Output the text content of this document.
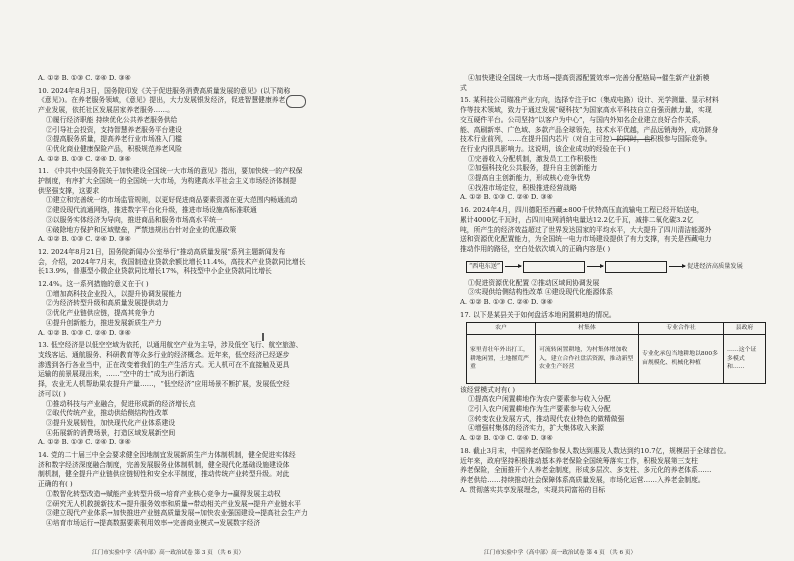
A. ①② B. ①③ C. ②④ D. ③④
10. 2024年8月3日，国务院印发《关于促进服务消费高质量发展的意见》(以下简称
《意见》)。在养老服务领域，《意见》提出，大力发展银发经济，促进智慧健康养老
产业发展，依托社区发展居家养老服务……。
①履行经济职能 持续优化公共养老服务供给
②引导社会投资，支持智慧养老服务平台建设
③提高服务质量，提高养老行业市场准入门槛
④优化商业健康保险产品，积极规范养老风险
A. ①② B. ①③ C. ②④ D. ③④
11. 《中共中央国务院关于加快建设全国统一大市场的意见》指出，要加快统一的产权保
护制度，有序扩大全国统一的全国统一大市场，为构建高水平社会主义市场经济体制提
供坚强支撑，这要求
①建立和完善统一的市场监管规则，以更好促进商品要素资源在更大范围内畅通流动
②建设现代流通网络，推进数字平台化升级，推进市场设施高标准联通
③以服务实体经济为导向，推进商品和服务市场高水平统一
④破除地方保护和区域壁垒，严禁违规出台针对企业的优惠政策
A. ①② B. ①③ C. ②④ D. ③④
12. 2024年8月21日，国务院新闻办公室举行“推动高质量发展”系列主题新闻发布
会，介绍，2024年7月末，我国制造业贷款余额比增长11.4%，高技术产业贷款同比增长
长13.9%，普惠型小微企业贷款同比增长17%，科技型中小企业贷款同比增长
12.4%。这一系列措施的意义在于( )
①增加高科技企业投入，以提升协调发展能力
②为经济转型升级和高质量发展提供动力
③优化产业链供应链，提高其竞争力
④提升创新能力，推进发展新质生产力
A. ①② B. ①③ C. ②④ D. ③④
13. 低空经济是以低空空域为依托，以通用航空产业为主导，涉及低空飞行、航空旅游、
支线客运、通航服务、科研教育等众多行业的经济概念。近年来，低空经济已经逐步
渗透到各行各业当中，正在改变着我们的生产生活方式。无人机可在不直接触及更具
运输的前景展现出来，……“空中的士”成为出行新选
择，农业无人机帮助果农提升产量……，“低空经济”应用场景不断扩展，发展低空经
济可以( )
①推动科技与产业融合，促进形成新的经济增长点
②取代传统产业，推动供给侧结构性改革
③提升发展韧性，加快现代化产业体系建设
④拓展新的消费场景，打造区域发展新空间
A. ①② B. ①③ C. ②④ D. ③④
14. 党的二十届三中全会要求健全因地制宜发展新质生产力体制机制，健全促进实体经
济和数字经济深度融合制度，完善发展服务业体制机制，健全现代化基础设施建设体
制机制，健全提升产业链供应链韧性和安全水平制度，推动传统产业转型升级。对此
正确的有( )
①数智化转型改造→赋能产业转型升级→培育产业核心竞争力→赢得发展主动权
②研究无人机救援新技术→提升服务效率和质量→带动相关产业发展→提升产业链水平
③建立现代产业体系→加快推进产业链高质量发展→加快农业强国建设→提高社会生产力
④培育市场运行→提高数据要素利用效率→完善商业模式→发展数字经济
④加快建设全国统一大市场→提高资源配置效率→完善分配格局→催生新产业新模
式
15. 某科技公司瞄准产业方向，选择专注于IC（集成电路）设计、光学测量、显示材料
作等技术领域，致力于通过发展“硬科技”为国家高水平科技自立自强贡献力量，实现
交互硬件平台。公司坚持“以客户为中心”，与国内外知名企业建立良好合作关系，
能、高刷新率、广色域、多款产品全球领先，技术水平优越，产品远销海外，成功跻身
技术行业前列，……在提升国内芯片（对自主可控）的同时，也积极参与国际竞争。
在行业内很具影响力。这说明，该企业成功的经验在于( )
①完善收入分配机制，激发员工工作积极性
②加强科技化公共服务，提升自主创新能力
③提高自主创新能力，形成核心竞争优势
④找准市场定位，积极推进经营战略
A. ①② B. ①③ C. ②④ D. ③④
16. 2024年4月，四川德阳至西藏±800千伏特高压直流输电工程已经开始送电，
累计4000亿千瓦时，占四川电网消纳电量达12.2亿千瓦，减排二氧化碳3.2亿
吨，所产生的经济效益超过了世界发达国家的平均水平，大大提升了四川清洁能源外
送和资源优化配置能力，为全国统一电力市场建设提供了有力支撑，有关是西藏电力
推动作用的路径，空白处依次填入的正确内容是( )
“西电东送”	促进经济高质量发展
①促进资源优化配置 ②推动区域间协调发展
③实现供给侧结构性改革 ④建设现代化能源体系
A. ①② B. ①③ C. ②④ D. ③④
17. 以下是某县关于如何盘活本地闲置耕地的情况。
农户	村集体	专业合作社	县政府
家里青壮年外出打工，耕地闲置，土地撂荒严重	可流转闲置耕地，为村集体增加收入，建立合作社盘活资源，推动新型农业生产经营	专业化承包当地耕地以800多亩规模化、机械化种植	……这个证多模式和……
该经营模式对有( )
①提高农户闲置耕地作为农户要素参与收入分配
②引入农户闲置耕地作为生产要素参与收入分配
③转变农业发展方式，推动现代农业特色的做精做强
④增强村集体的经济实力，扩大集体收入来源
A. ①② B. ①③ C. ②④ D. ③④
18. 截止3月末，中国养老保险参保人数达到惠及人数达到约10.7亿，规模居于全球首位。
近年来，政府坚持积极推动基本养老保险全国统筹落实工作，积极发展第三支柱
养老保险，全面推开个人养老金制度，形成多层次、多支柱、多元化的养老体系……
养老供给……持续推动社会保障体系高质量发展，市场化运营……入养老金制度。
A. 贯彻落实共享发展理念，实现共同富裕的目标
江门市实验中学（高中部）高一政治试卷 第 3 页 （共 6 页）	江门市实验中学（高中部）高一政治试卷 第 4 页 （共 6 页）
